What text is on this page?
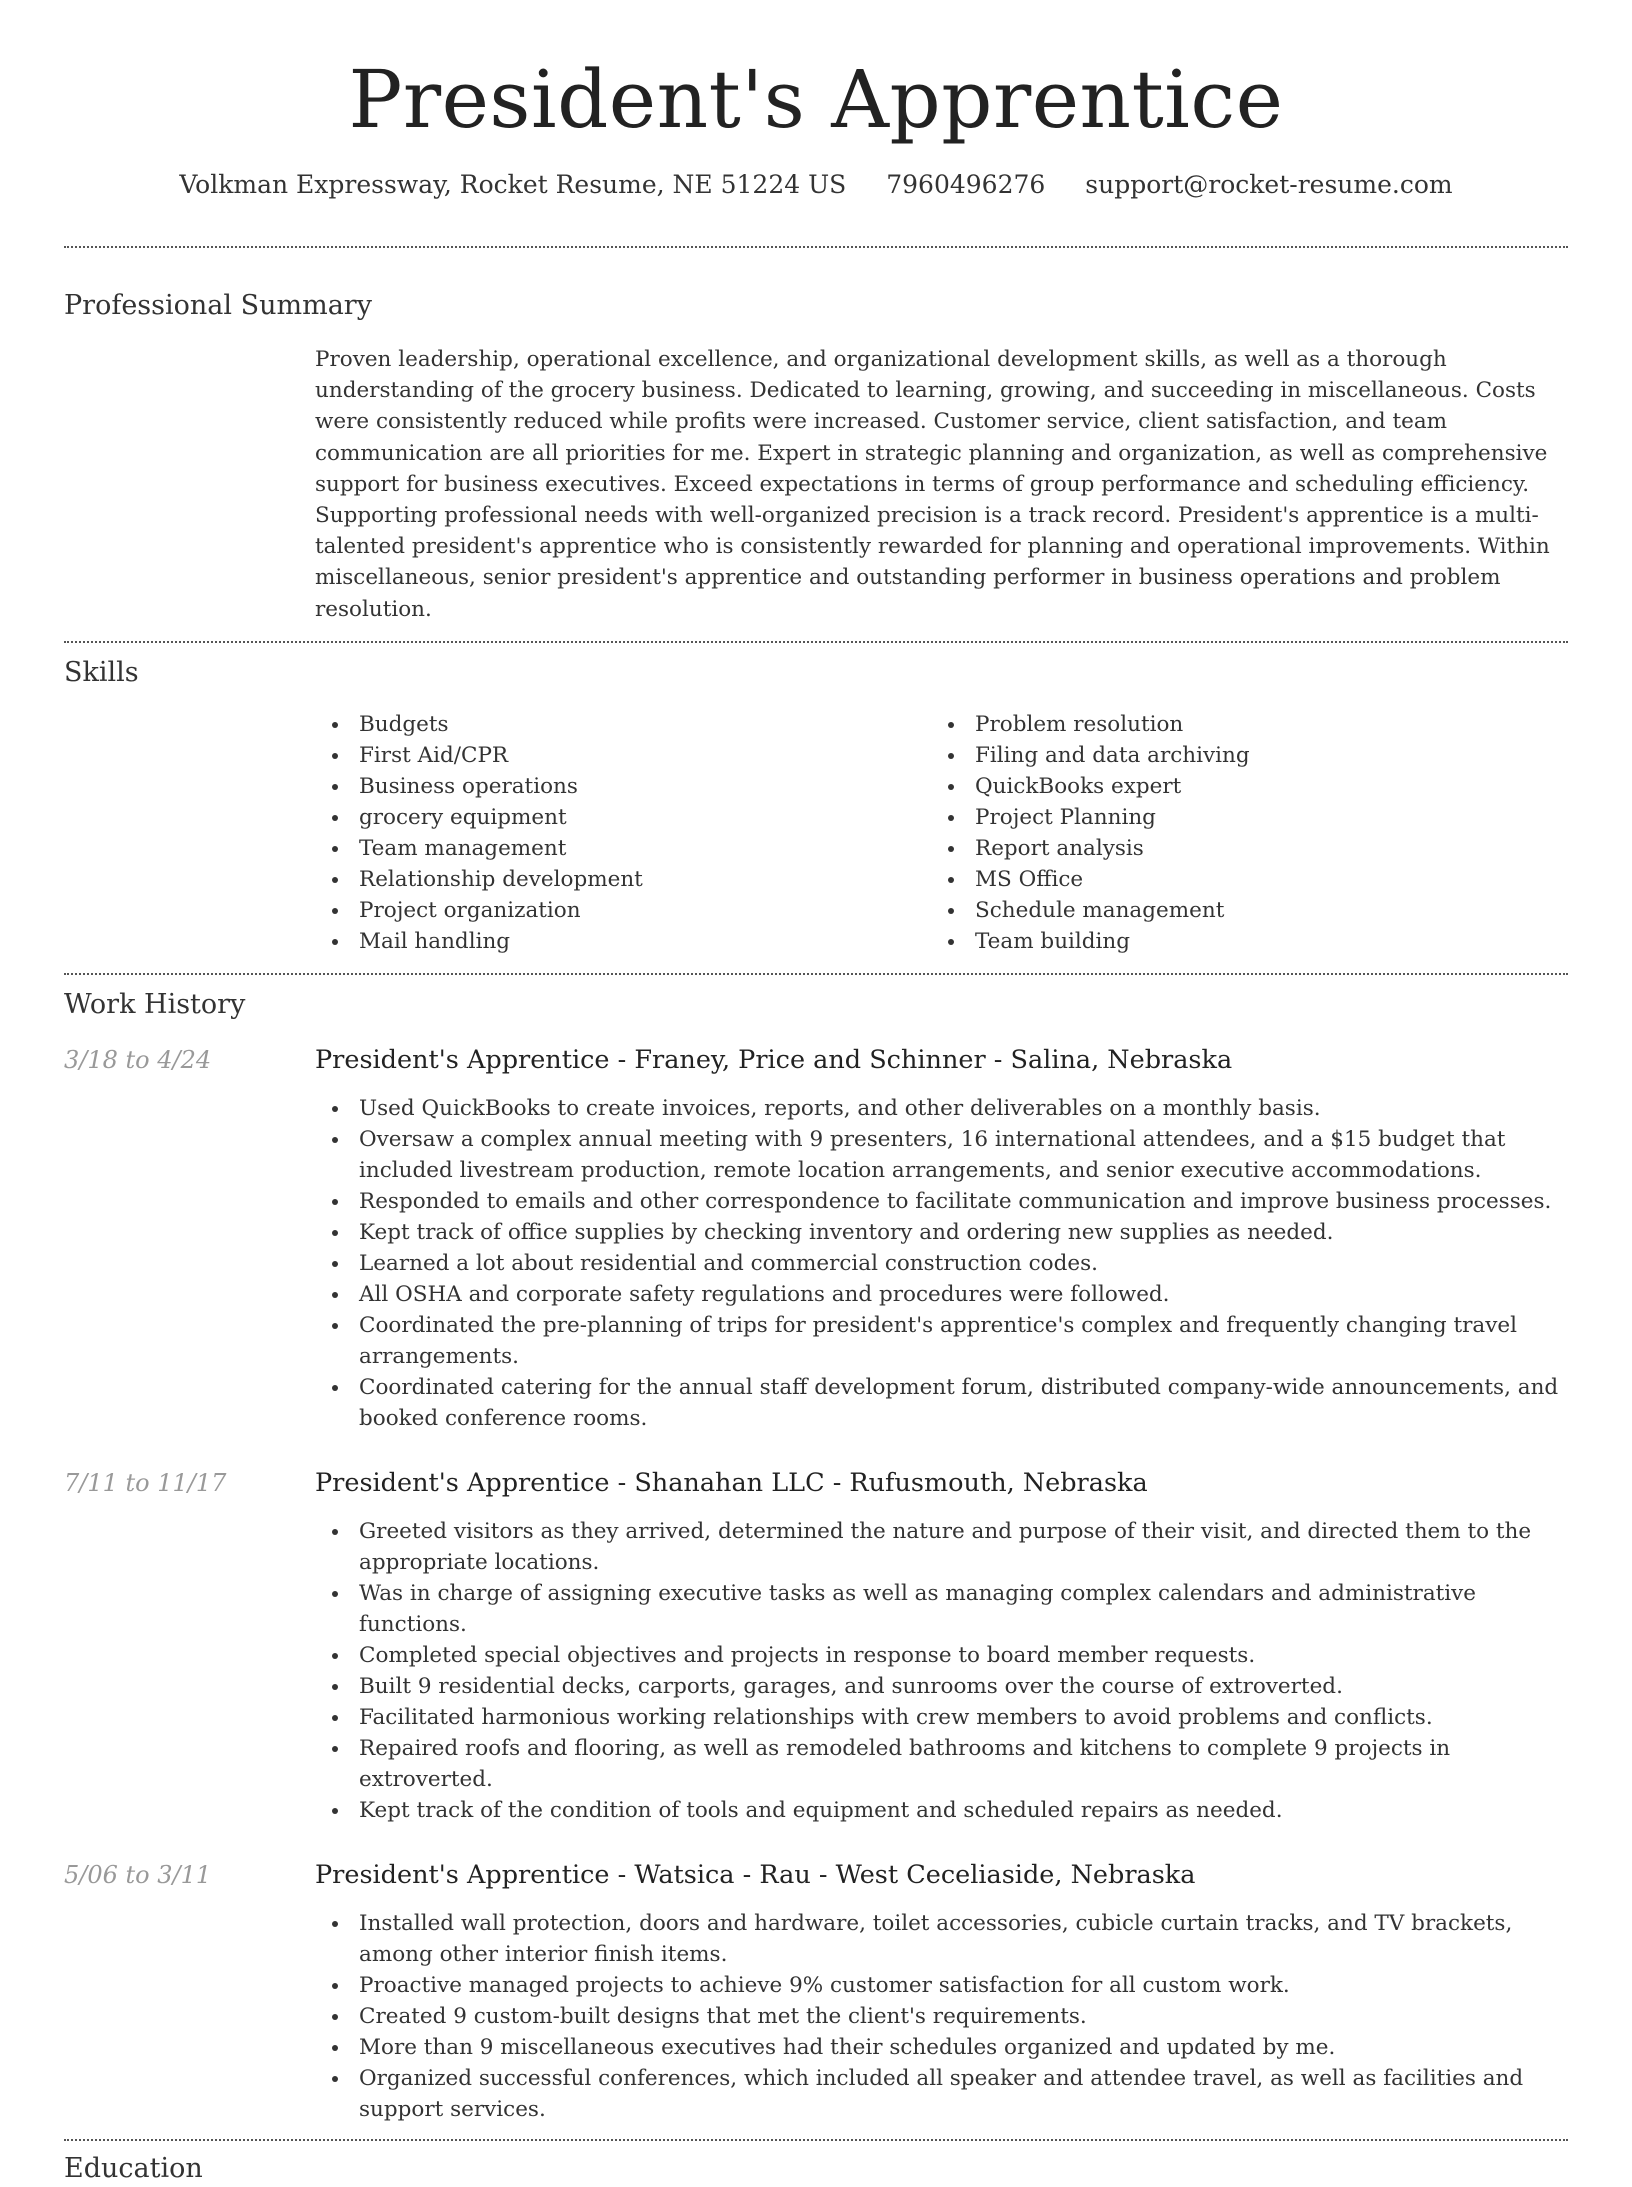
President's Apprentice
Volkman Expressway, Rocket Resume, NE 51224 US 7960496276 support@rocket-resume.com
Professional Summary

Proven leadership, operational excellence, and organizational development skills, as well as a thorough understanding of the grocery business. Dedicated to learning, growing, and succeeding in miscellaneous. Costs were consistently reduced while profits were increased. Customer service, client satisfaction, and team communication are all priorities for me. Expert in strategic planning and organization, as well as comprehensive support for business executives. Exceed expectations in terms of group performance and scheduling efficiency. Supporting professional needs with well-organized precision is a track record. President's apprentice is a multi-talented president's apprentice who is consistently rewarded for planning and operational improvements. Within miscellaneous, senior president's apprentice and outstanding performer in business operations and problem resolution.

Skills
Budgets
First Aid/CPR
Business operations
grocery equipment
Team management
Relationship development
Project organization
Mail handling
Problem resolution
Filing and data archiving
QuickBooks expert
Project Planning
Report analysis
MS Office
Schedule management
Team building
Work History
3/18 to 4/24	President's Apprentice - Franey, Price and Schinner - Salina, Nebraska
Used QuickBooks to create invoices, reports, and other deliverables on a monthly basis.
Oversaw a complex annual meeting with 9 presenters, 16 international attendees, and a $15 budget that included livestream production, remote location arrangements, and senior executive accommodations.
Responded to emails and other correspondence to facilitate communication and improve business processes.
Kept track of office supplies by checking inventory and ordering new supplies as needed.
Learned a lot about residential and commercial construction codes.
All OSHA and corporate safety regulations and procedures were followed.
Coordinated the pre-planning of trips for president's apprentice's complex and frequently changing travel arrangements.
Coordinated catering for the annual staff development forum, distributed company-wide announcements, and booked conference rooms.
7/11 to 11/17	President's Apprentice - Shanahan LLC - Rufusmouth, Nebraska
Greeted visitors as they arrived, determined the nature and purpose of their visit, and directed them to the appropriate locations.
Was in charge of assigning executive tasks as well as managing complex calendars and administrative functions.
Completed special objectives and projects in response to board member requests.
Built 9 residential decks, carports, garages, and sunrooms over the course of extroverted.
Facilitated harmonious working relationships with crew members to avoid problems and conflicts.
Repaired roofs and flooring, as well as remodeled bathrooms and kitchens to complete 9 projects in extroverted.
Kept track of the condition of tools and equipment and scheduled repairs as needed.
5/06 to 3/11	President's Apprentice - Watsica - Rau - West Ceceliaside, Nebraska
Installed wall protection, doors and hardware, toilet accessories, cubicle curtain tracks, and TV brackets, among other interior finish items.
Proactive managed projects to achieve 9% customer satisfaction for all custom work.
Created 9 custom-built designs that met the client's requirements.
More than 9 miscellaneous executives had their schedules organized and updated by me.
Organized successful conferences, which included all speaker and attendee travel, as well as facilities and support services.
Education
